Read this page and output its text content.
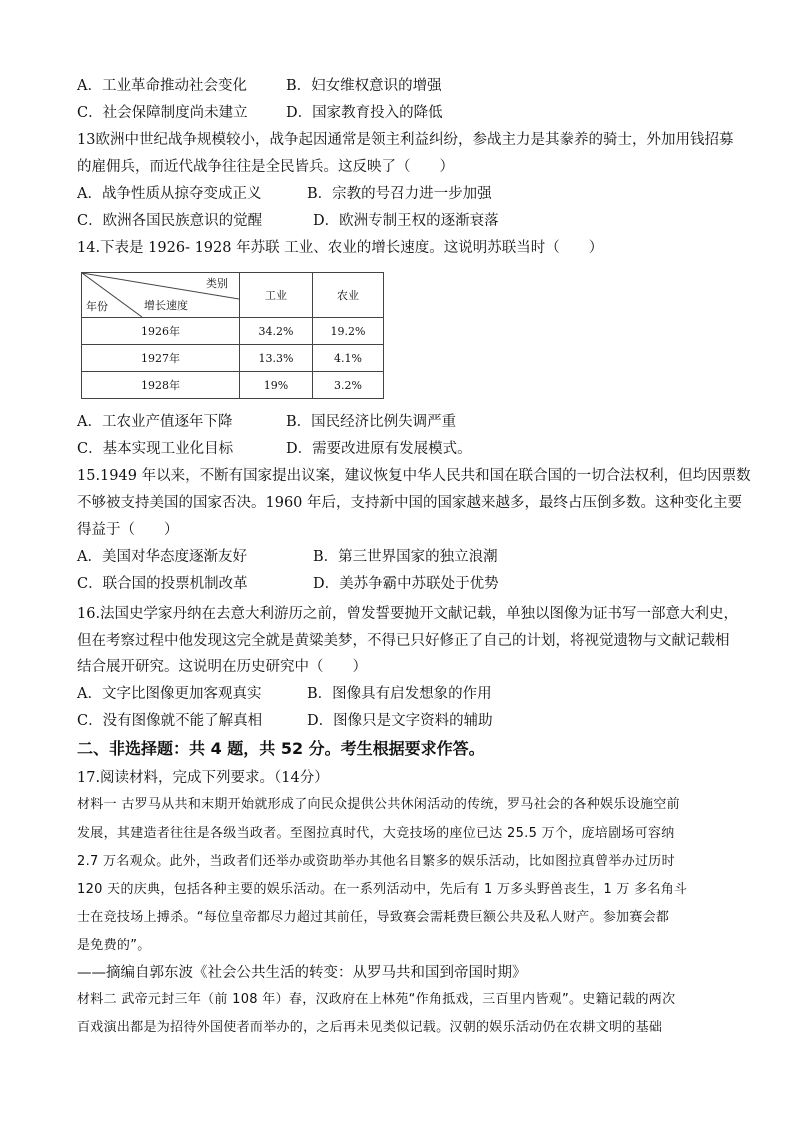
A．工业革命推动社会变化	B．妇女维权意识的增强
C．社会保障制度尚未建立	D．国家教育投入的降低
13欧洲中世纪战争规模较小，战争起因通常是领主利益纠纷，参战主力是其豢养的骑士，外加用钱招募
的雇佣兵，而近代战争往往是全民皆兵。这反映了（　　）
A．战争性质从掠夺变成正义	B．宗教的号召力进一步加强
C．欧洲各国民族意识的觉醒	D．欧洲专制王权的逐渐衰落
14.下表是 1926- 1928 年苏联 工业、农业的增长速度。这说明苏联当时（　　）
类别
增长速度
年份	工业	农业
1926年	34.2%	19.2%
1927年	13.3%	4.1%
1928年	19%	3.2%
A．工农业产值逐年下降	B．国民经济比例失调严重
C．基本实现工业化目标	D．需要改进原有发展模式。
15.1949 年以来，不断有国家提出议案，建议恢复中华人民共和国在联合国的一切合法权利，但均因票数
不够被支持美国的国家否决。1960 年后，支持新中国的国家越来越多，最终占压倒多数。这种变化主要
得益于（　　）
A．美国对华态度逐渐友好	B．第三世界国家的独立浪潮
C．联合国的投票机制改革	D．美苏争霸中苏联处于优势
16.法国史学家丹纳在去意大利游历之前，曾发誓要抛开文献记载，单独以图像为证书写一部意大利史，
但在考察过程中他发现这完全就是黄粱美梦，不得已只好修正了自己的计划，将视觉遗物与文献记载相
结合展开研究。这说明在历史研究中（　　）
A．文字比图像更加客观真实	B．图像具有启发想象的作用
C．没有图像就不能了解真相	D．图像只是文字资料的辅助
二、非选择题：共 4 题，共 52 分。考生根据要求作答。
17.阅读材料，完成下列要求。（14分）
材料一 古罗马从共和末期开始就形成了向民众提供公共休闲活动的传统，罗马社会的各种娱乐设施空前
发展，其建造者往往是各级当政者。至图拉真时代，大竞技场的座位已达 25.5 万个，庞培剧场可容纳
2.7 万名观众。此外，当政者们还举办或资助举办其他名目繁多的娱乐活动，比如图拉真曾举办过历时
120 天的庆典，包括各种主要的娱乐活动。在一系列活动中，先后有 1 万多头野兽丧生，1 万 多名角斗
士在竞技场上搏杀。“每位皇帝都尽力超过其前任，导致赛会需耗费巨额公共及私人财产。参加赛会都
是免费的”。
——摘编自郭东波《社会公共生活的转变：从罗马共和国到帝国时期》
材料二 武帝元封三年（前 108 年）春，汉政府在上林苑“作角抵戏，三百里内皆观”。史籍记载的两次
百戏演出都是为招待外国使者而举办的，之后再未见类似记载。汉朝的娱乐活动仍在农耕文明的基础
